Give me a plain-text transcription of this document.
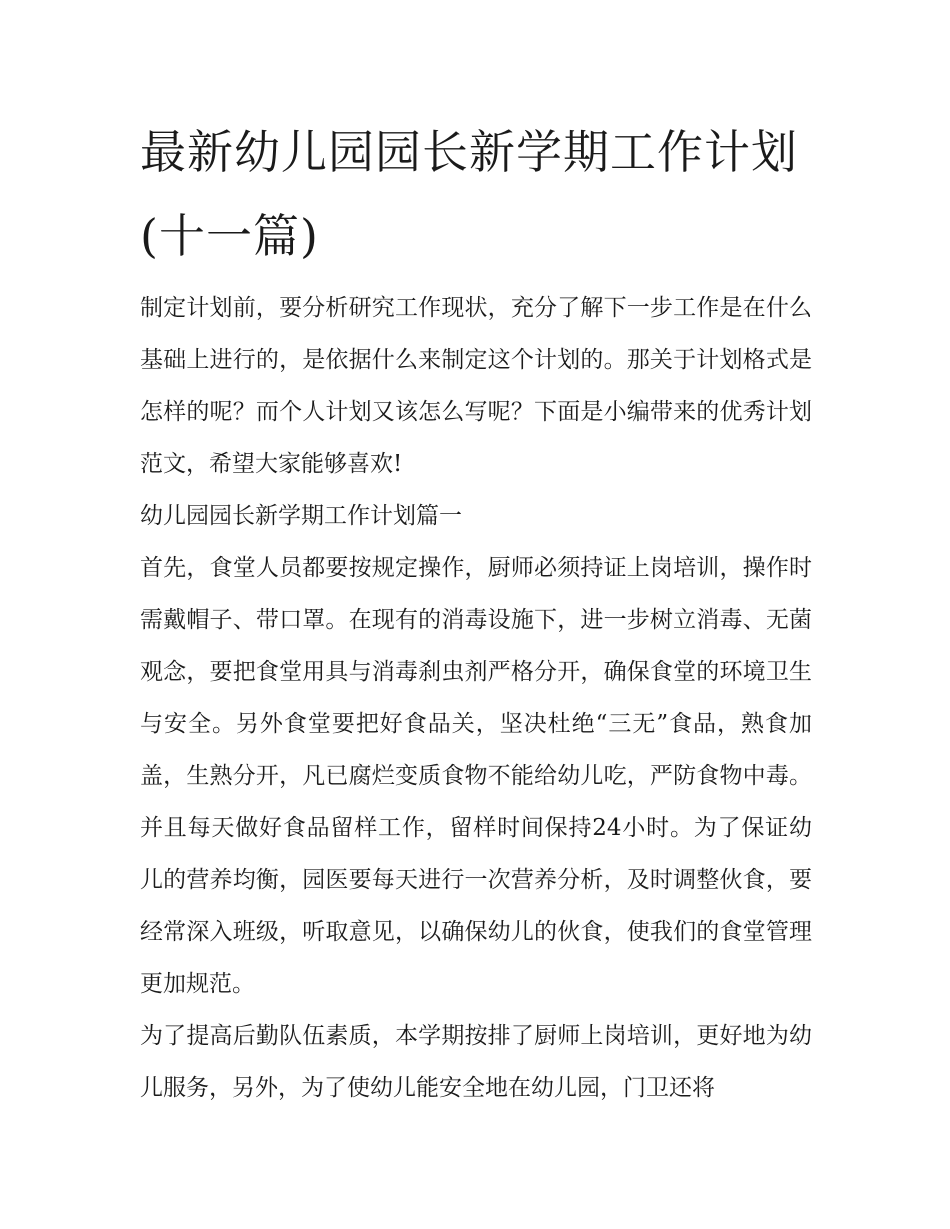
最新幼儿园园长新学期工作计划(十一篇)

制定计划前，要分析研究工作现状，充分了解下一步工作是在什么基础上进行的，是依据什么来制定这个计划的。那关于计划格式是怎样的呢？而个人计划又该怎么写呢？下面是小编带来的优秀计划范文，希望大家能够喜欢!

幼儿园园长新学期工作计划篇一

首先，食堂人员都要按规定操作，厨师必须持证上岗培训，操作时需戴帽子、带口罩。在现有的消毒设施下，进一步树立消毒、无菌观念，要把食堂用具与消毒刹虫剂严格分开，确保食堂的环境卫生与安全。另外食堂要把好食品关，坚决杜绝“三无”食品，熟食加盖，生熟分开，凡已腐烂变质食物不能给幼儿吃，严防食物中毒。并且每天做好食品留样工作，留样时间保持24小时。为了保证幼儿的营养均衡，园医要每天进行一次营养分析，及时调整伙食，要经常深入班级，听取意见，以确保幼儿的伙食，使我们的食堂管理更加规范。

为了提高后勤队伍素质，本学期按排了厨师上岗培训，更好地为幼儿服务，另外，为了使幼儿能安全地在幼儿园，门卫还将
